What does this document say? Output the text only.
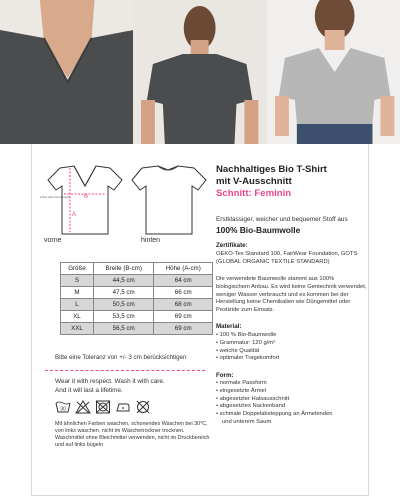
B
A
2,5cm unter dem Armloch
vorne	hinten
Größe	Breite (B-cm)	Höhe (A-cm)
S	44,5 cm	64 cm
M	47,5 cm	66 cm
L	50,5 cm	68 cm
XL	53,5 cm	69 cm
XXL	56,5 cm	69 cm
Bitte eine Toleranz von +/- 3 cm berücksichtigen
Wear it with respect. Wash it with care.
And it will last a lifetime.
30
Mit ähnlichen Farben waschen, schonendes Waschen bei 30°C, von links waschen, nicht im Wäschetrockner trocknen. Waschmittel ohne Bleichmittel verwenden, nicht im Druckbereich und auf links bügeln
Nachhaltiges Bio T-Shirt
mit V-Ausschnitt
Schnitt: Feminin
Erstklassiger, weicher und bequemer Stoff aus
100% Bio-Baumwolle
Zertifikate:
OEKO-Tex Standard 100, FairWear Foundation, GOTS (GLOBAL ORGANIC TEXTILE STANDARD)
Die verwendete Baumwolle stammt aus 100% biologischem Anbau. Es wird keine Gentechnik verwendet, weniger Wasser verbraucht und es kommen bei der Herstellung keine Chemikalien wie Düngemittel oder Pestizide zum Einsatz.
Material:
• 100 % Bio-Baumwolle
• Grammatur: 120 g/m²
• weiche Qualität
• optimaler Tragekomfort
Form:
• normale Passform
• eingesetzte Ärmel
• abgesetzter Halsausschnitt
• abgesetztes Nackenband
• schmale Doppelabsteppung an Ärmelenden
und unterem Saum
